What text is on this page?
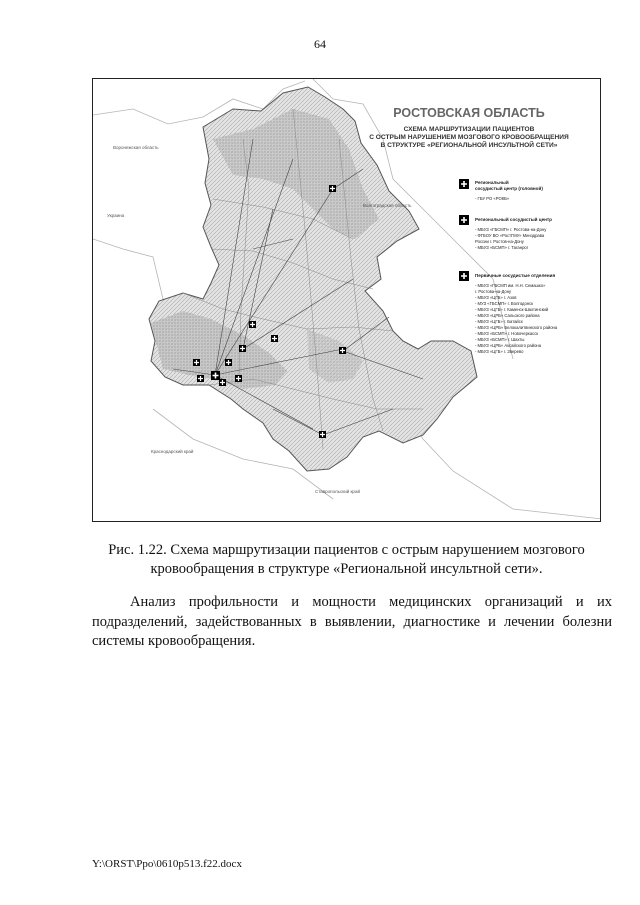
64
Воронежская область
Волгоградская область
Украина
Краснодарский край
Ставропольский край
РОСТОВСКАЯ ОБЛАСТЬ
СХЕМА МАРШРУТИЗАЦИИ ПАЦИЕНТОВ
С ОСТРЫМ НАРУШЕНИЕМ МОЗГОВОГО КРОВООБРАЩЕНИЯ
В СТРУКТУРЕ «РЕГИОНАЛЬНОЙ ИНСУЛЬТНОЙ СЕТИ»
Региональный
сосудистый центр (головной)
- ГБУ РО «РОКБ»
Региональный сосудистый центр
- МБУЗ «ГБСМП» г. Ростова-на-Дону
- ФГБОУ ВО «РостГМУ» Минздрава
России г. Ростов-на-Дону
- МБУЗ «БСМП» г. Таганрог
Первичные сосудистые отделения
- МБУЗ «ГБСМП им. Н.Н. Семашко»
г. Ростова-на-Дону
- МБУЗ «ЦГБ» г. Азов
- МУЗ «ГБСМП» г. Волгодонск
- МБУЗ «ЦГБ» г. Каменск-Шахтинский
- МБУЗ «ЦРБ» Сальского района
- МБУЗ «ЦГБ» г. Батайск
- МБУЗ «ЦРБ» Белокалитвинского района
- МБУЗ «БСМП» г. Новочеркасск
- МБУЗ «БСМП» г. Шахты
- МБУЗ «ЦРБ» Аксайского района
- МБУЗ «ЦГБ» г. Зверево
Рис. 1.22. Схема маршрутизации пациентов с острым нарушением мозгового кровообращения в структуре «Региональной инсультной сети».
Анализ профильности и мощности медицинских организаций и их подразделений, задействованных в выявлении, диагностике и лечении болезни системы кровообращения.
Y:\ORST\Ppo\0610p513.f22.docx
